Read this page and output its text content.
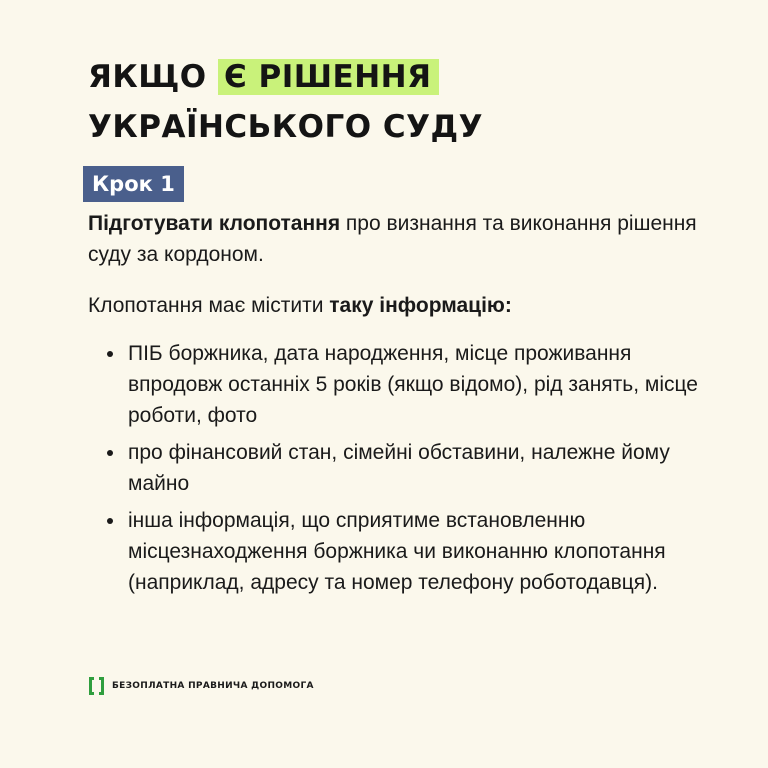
ЯКЩО Є РІШЕННЯ УКРАЇНСЬКОГО СУДУ
Крок 1

Підготувати клопотання про визнання та виконання рішення суду за кордоном.

Клопотання має містити таку інформацію:

ПІБ боржника, дата народження, місце проживання впродовж останніх 5 років (якщо відомо), рід занять, місце роботи, фото
про фінансовий стан, сімейні обставини, належне йому майно
інша інформація, що сприятиме встановленню місцезнаходження боржника чи виконанню клопотання (наприклад, адресу та номер телефону роботодавця).
БЕЗОПЛАТНА ПРАВНИЧА ДОПОМОГА
